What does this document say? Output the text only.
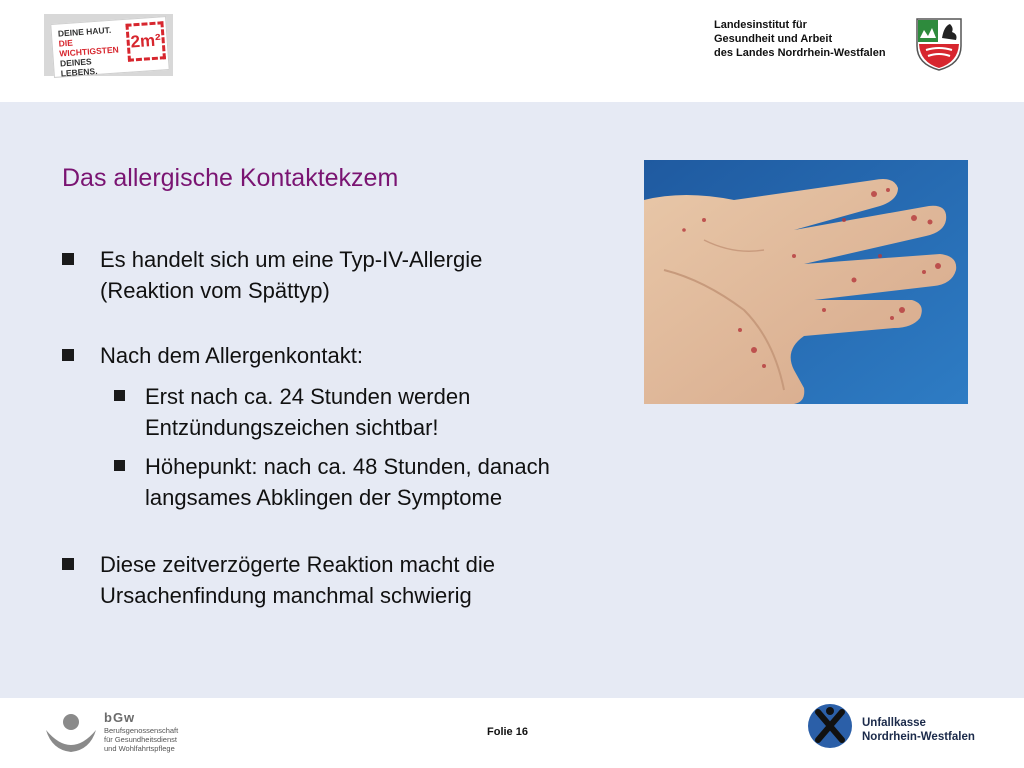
DEINE HAUT.
DIE WICHTIGSTEN
DEINES LEBENS.
2m²
Landesinstitut für
Gesundheit und Arbeit
des Landes Nordrhein-Westfalen
Das allergische Kontaktekzem
Es handelt sich um eine Typ-IV-Allergie
(Reaktion vom Spättyp)
Nach dem Allergenkontakt:
Erst nach ca. 24 Stunden werden
Entzündungszeichen sichtbar!
Höhepunkt: nach ca. 48 Stunden, danach
langsames Abklingen der Symptome
Diese zeitverzögerte Reaktion macht die
Ursachenfindung manchmal schwierig
bGw
Berufsgenossenschaft
für Gesundheitsdienst
und Wohlfahrtspflege
Folie 16
Unfallkasse
Nordrhein-Westfalen
